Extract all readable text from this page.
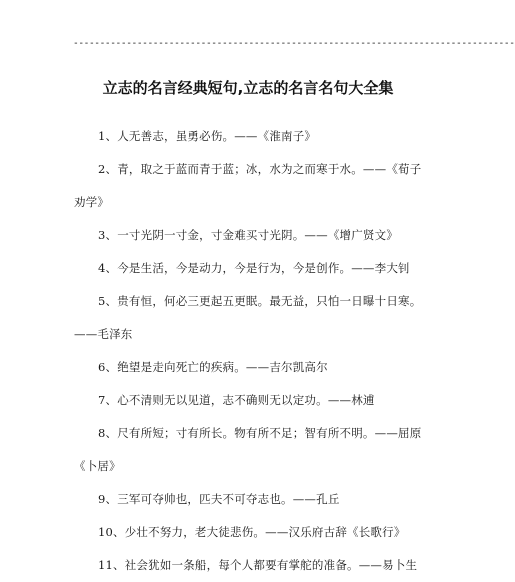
-----------------------------------------------------------------------------------
立志的名言经典短句,立志的名言名句大全集

1、人无善志，虽勇必伤。——《淮南子》

2、青，取之于蓝而青于蓝；冰，水为之而寒于水。——《荀子劝学》

3、一寸光阴一寸金，寸金难买寸光阴。——《增广贤文》

4、今是生活，今是动力，今是行为，今是创作。——李大钊

5、贵有恒，何必三更起五更眠。最无益，只怕一日曝十日寒。——毛泽东

6、绝望是走向死亡的疾病。——吉尔凯高尔

7、心不清则无以见道，志不确则无以定功。——林逋

8、尺有所短；寸有所长。物有所不足；智有所不明。——屈原《卜居》

9、三军可夺帅也，匹夫不可夺志也。——孔丘

10、少壮不努力，老大徒悲伤。——汉乐府古辞《长歌行》

11、社会犹如一条船，每个人都要有掌舵的准备。——易卜生
